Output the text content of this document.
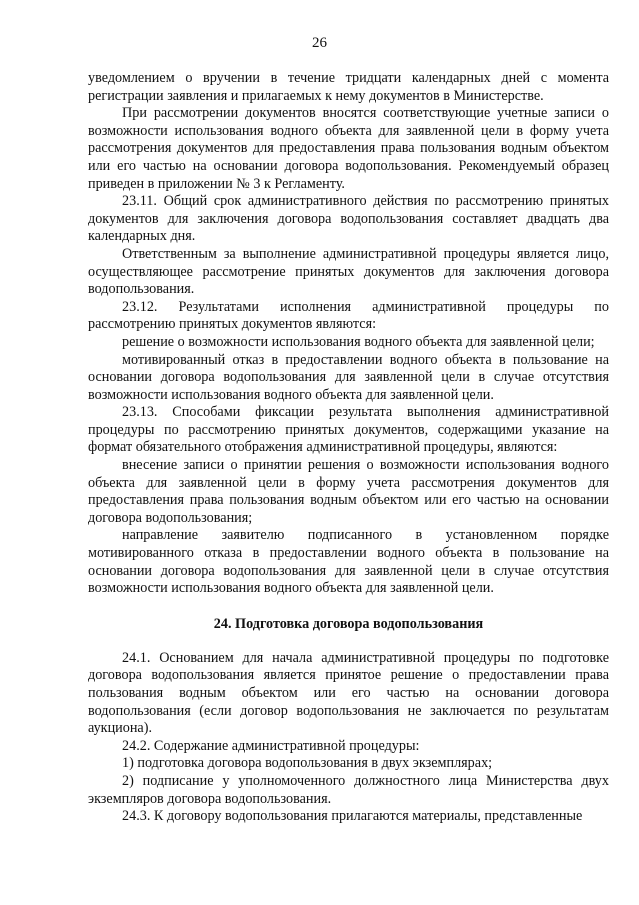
26

уведомлением о вручении в течение тридцати календарных дней с момента регистрации заявления и прилагаемых к нему документов в Министерстве.

При рассмотрении документов вносятся соответствующие учетные записи о возможности использования водного объекта для заявленной цели в форму учета рассмотрения документов для предоставления права пользования водным объектом или его частью на основании договора водопользования. Рекомендуемый образец приведен в приложении № 3 к Регламенту.

23.11. Общий срок административного действия по рассмотрению принятых документов для заключения договора водопользования составляет двадцать два календарных дня.

Ответственным за выполнение административной процедуры является лицо, осуществляющее рассмотрение принятых документов для заключения договора водопользования.

23.12. Результатами исполнения административной процедуры по рассмотрению принятых документов являются:

решение о возможности использования водного объекта для заявленной цели;

мотивированный отказ в предоставлении водного объекта в пользование на основании договора водопользования для заявленной цели в случае отсутствия возможности использования водного объекта для заявленной цели.

23.13. Способами фиксации результата выполнения административной процедуры по рассмотрению принятых документов, содержащими указание на формат обязательного отображения административной процедуры, являются:

внесение записи о принятии решения о возможности использования водного объекта для заявленной цели в форму учета рассмотрения документов для предоставления права пользования водным объектом или его частью на основании договора водопользования;

направление заявителю подписанного в установленном порядке мотивированного отказа в предоставлении водного объекта в пользование на основании договора водопользования для заявленной цели в случае отсутствия возможности использования водного объекта для заявленной цели.

24. Подготовка договора водопользования

24.1. Основанием для начала административной процедуры по подготовке договора водопользования является принятое решение о предоставлении права пользования водным объектом или его частью на основании договора водопользования (если договор водопользования не заключается по результатам аукциона).

24.2. Содержание административной процедуры:

1) подготовка договора водопользования в двух экземплярах;

2) подписание у уполномоченного должностного лица Министерства двух экземпляров договора водопользования.

24.3. К договору водопользования прилагаются материалы, представленные
